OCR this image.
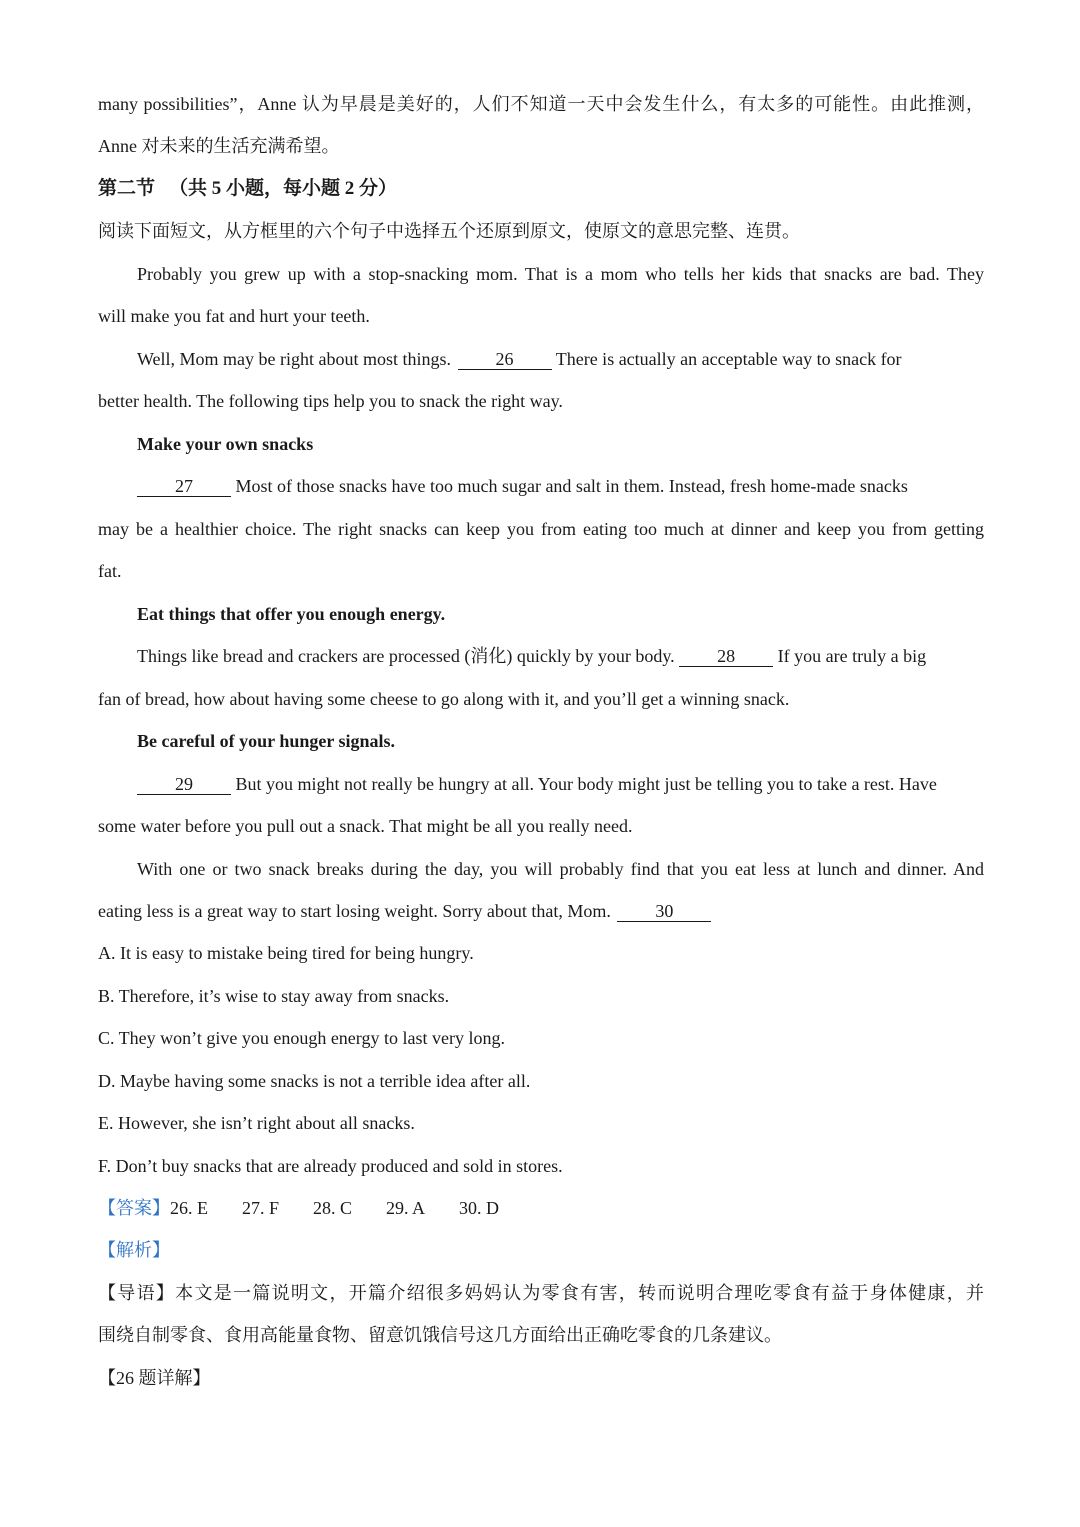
many possibilities”，Anne 认为早晨是美好的，人们不知道一天中会发生什么，有太多的可能性。由此推测，
Anne 对未来的生活充满希望。
第二节 （共 5 小题，每小题 2 分）
阅读下面短文，从方框里的六个句子中选择五个还原到原文，使原文的意思完整、连贯。
Probably you grew up with a stop-snacking mom. That is a mom who tells her kids that snacks are bad. They
will make you fat and hurt your teeth.
Well, Mom may be right about most things. 26 There is actually an acceptable way to snack for
better health. The following tips help you to snack the right way.
Make your own snacks
27 Most of those snacks have too much sugar and salt in them. Instead, fresh home-made snacks
may be a healthier choice. The right snacks can keep you from eating too much at dinner and keep you from getting
fat.
Eat things that offer you enough energy.
Things like bread and crackers are processed (消化) quickly by your body. 28 If you are truly a big
fan of bread, how about having some cheese to go along with it, and you’ll get a winning snack.
Be careful of your hunger signals.
29 But you might not really be hungry at all. Your body might just be telling you to take a rest. Have
some water before you pull out a snack. That might be all you really need.
With one or two snack breaks during the day, you will probably find that you eat less at lunch and dinner. And
eating less is a great way to start losing weight. Sorry about that, Mom. 30
A. It is easy to mistake being tired for being hungry.
B. Therefore, it’s wise to stay away from snacks.
C. They won’t give you enough energy to last very long.
D. Maybe having some snacks is not a terrible idea after all.
E. However, she isn’t right about all snacks.
F. Don’t buy snacks that are already produced and sold in stores.
【答案】26. E 27. F 28. C 29. A 30. D
【解析】
【导语】本文是一篇说明文，开篇介绍很多妈妈认为零食有害，转而说明合理吃零食有益于身体健康，并
围绕自制零食、食用高能量食物、留意饥饿信号这几方面给出正确吃零食的几条建议。
【26 题详解】
